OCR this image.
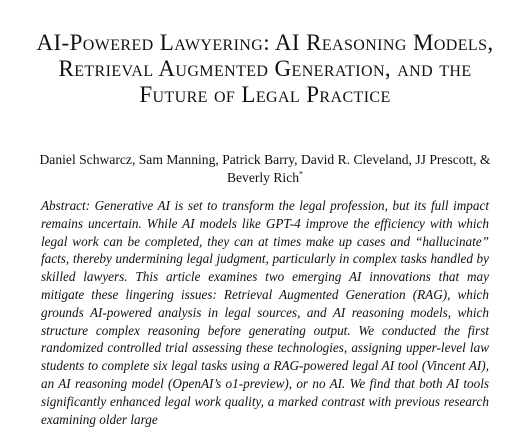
AI-Powered Lawyering: AI Reasoning Models, Retrieval Augmented Generation, and the Future of Legal Practice
Daniel Schwarcz, Sam Manning, Patrick Barry, David R. Cleveland, JJ Prescott, & Beverly Rich*
Abstract: Generative AI is set to transform the legal profession, but its full impact remains uncertain. While AI models like GPT-4 improve the efficiency with which legal work can be completed, they can at times make up cases and “hallucinate” facts, thereby undermining legal judgment, particularly in complex tasks handled by skilled lawyers. This article examines two emerging AI innovations that may mitigate these lingering issues: Retrieval Augmented Generation (RAG), which grounds AI-powered analysis in legal sources, and AI reasoning models, which structure complex reasoning before generating output. We conducted the first randomized controlled trial assessing these technologies, assigning upper-level law students to complete six legal tasks using a RAG-powered legal AI tool (Vincent AI), an AI reasoning model (OpenAI’s o1-preview), or no AI. We find that both AI tools significantly enhanced legal work quality, a marked contrast with previous research examining older large
